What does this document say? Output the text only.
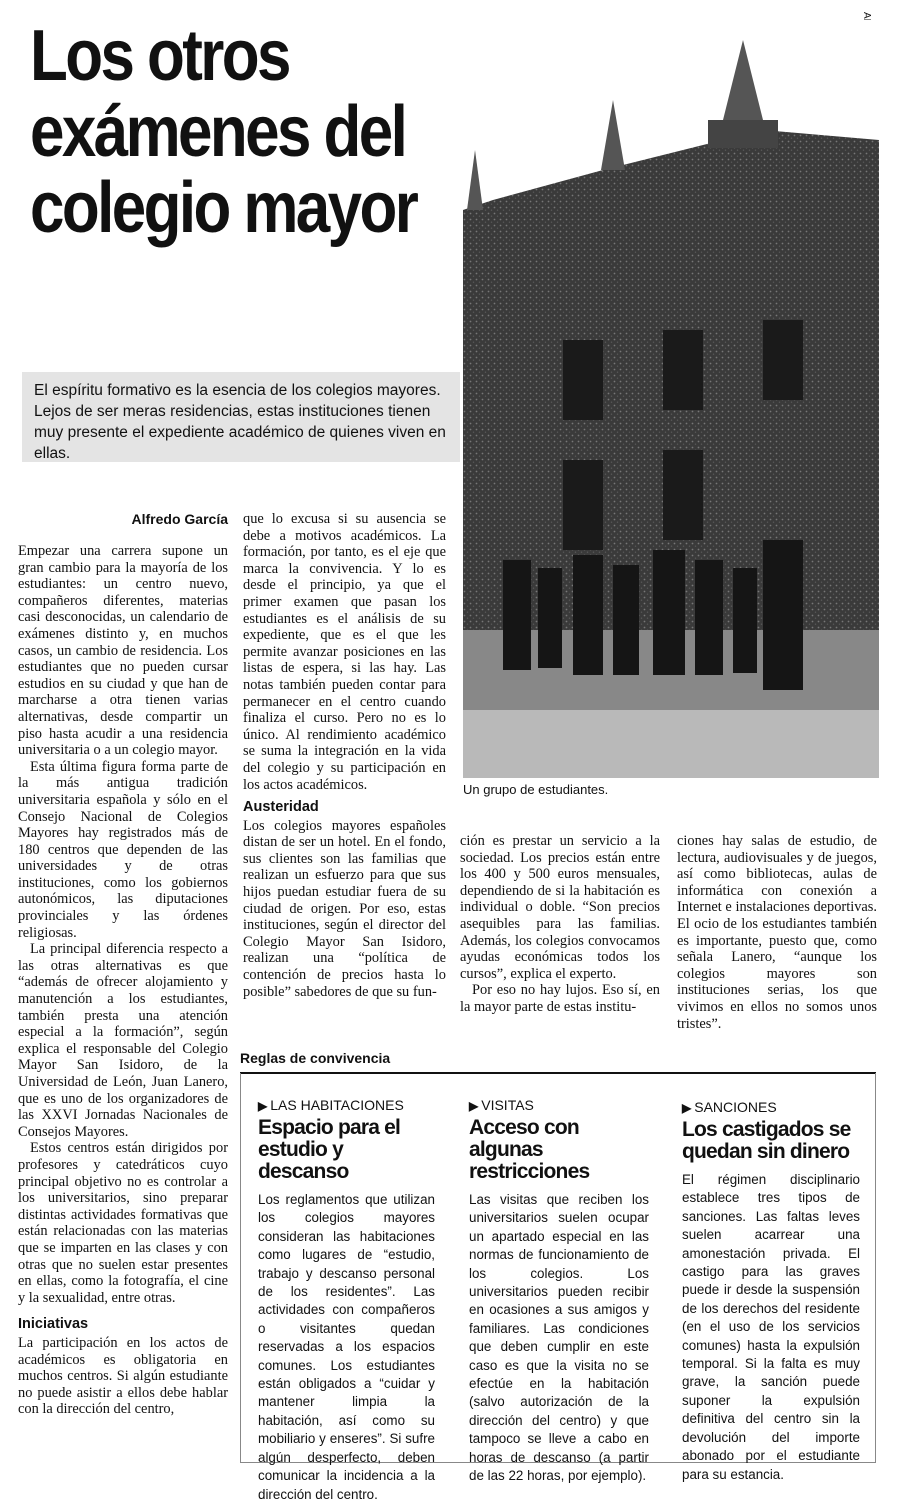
Los otros
exámenes del
colegio mayor
El espíritu formativo es la esencia de los colegios mayores. Lejos de ser meras residencias, estas instituciones tienen muy presente el expediente académico de quienes viven en ellas.
Un grupo de estudiantes.
Alfredo García

Empezar una carrera supone un gran cambio para la mayoría de los estudiantes: un centro nuevo, compañeros diferentes, materias casi desconocidas, un calendario de exámenes distinto y, en muchos casos, un cambio de residencia. Los estudiantes que no pueden cursar estudios en su ciudad y que han de marcharse a otra tienen varias alternativas, desde compartir un piso hasta acudir a una residencia universitaria o a un colegio mayor.

Esta última figura forma parte de la más antigua tradición universitaria española y sólo en el Consejo Nacional de Colegios Mayores hay registrados más de 180 centros que dependen de las universidades y de otras instituciones, como los gobiernos autonómicos, las diputaciones provinciales y las órdenes religiosas.

La principal diferencia respecto a las otras alternativas es que “además de ofrecer alojamiento y manutención a los estudiantes, también presta una atención especial a la formación”, según explica el responsable del Colegio Mayor San Isidoro, de la Universidad de León, Juan Lanero, que es uno de los organizadores de las XXVI Jornadas Nacionales de Consejos Mayores.

Estos centros están dirigidos por profesores y catedráticos cuyo principal objetivo no es controlar a los universitarios, sino preparar distintas actividades formativas que están relacionadas con las materias que se imparten en las clases y con otras que no suelen estar presentes en ellas, como la fotografía, el cine y la sexualidad, entre otras.

Iniciativas

La participación en los actos de académicos es obligatoria en muchos centros. Si algún estudiante no puede asistir a ellos debe hablar con la dirección del centro,

que lo excusa si su ausencia se debe a motivos académicos. La formación, por tanto, es el eje que marca la convivencia. Y lo es desde el principio, ya que el primer examen que pasan los estudiantes es el análisis de su expediente, que es el que les permite avanzar posiciones en las listas de espera, si las hay. Las notas también pueden contar para permanecer en el centro cuando finaliza el curso. Pero no es lo único. Al rendimiento académico se suma la integración en la vida del colegio y su participación en los actos académicos.

Austeridad

Los colegios mayores españoles distan de ser un hotel. En el fondo, sus clientes son las familias que realizan un esfuerzo para que sus hijos puedan estudiar fuera de su ciudad de origen. Por eso, estas instituciones, según el director del Colegio Mayor San Isidoro, realizan una “política de contención de precios hasta lo posible” sabedores de que su fun-

ción es prestar un servicio a la sociedad. Los precios están entre los 400 y 500 euros mensuales, dependiendo de si la habitación es individual o doble. “Son precios asequibles para las familias. Además, los colegios convocamos ayudas económicas todos los cursos”, explica el experto.

Por eso no hay lujos. Eso sí, en la mayor parte de estas institu-

ciones hay salas de estudio, de lectura, audiovisuales y de juegos, así como bibliotecas, aulas de informática con conexión a Internet e instalaciones deportivas. El ocio de los estudiantes también es importante, puesto que, como señala Lanero, “aunque los colegios mayores son instituciones serias, los que vivimos en ellos no somos unos tristes”.

Reglas de convivencia
▶ LAS HABITACIONES
Espacio para el estudio y descanso
Los reglamentos que utilizan los colegios mayores consideran las habitaciones como lugares de “estudio, trabajo y descanso personal de los residentes”. Las actividades con compañeros o visitantes quedan reservadas a los espacios comunes. Los estudiantes están obligados a “cuidar y mantener limpia la habitación, así como su mobiliario y enseres”. Si sufre algún desperfecto, deben comunicar la incidencia a la dirección del centro.
▶ VISITAS
Acceso con algunas restricciones
Las visitas que reciben los universitarios suelen ocupar un apartado especial en las normas de funcionamiento de los colegios. Los universitarios pueden recibir en ocasiones a sus amigos y familiares. Las condiciones que deben cumplir en este caso es que la visita no se efectúe en la habitación (salvo autorización de la dirección del centro) y que tampoco se lleve a cabo en horas de descanso (a partir de las 22 horas, por ejemplo).
▶ SANCIONES
Los castigados se quedan sin dinero
El régimen disciplinario establece tres tipos de sanciones. Las faltas leves suelen acarrear una amonestación privada. El castigo para las graves puede ir desde la suspensión de los derechos del residente (en el uso de los servicios comunes) hasta la expulsión temporal. Si la falta es muy grave, la sanción puede suponer la expulsión definitiva del centro sin la devolución del importe abonado por el estudiante para su estancia.
